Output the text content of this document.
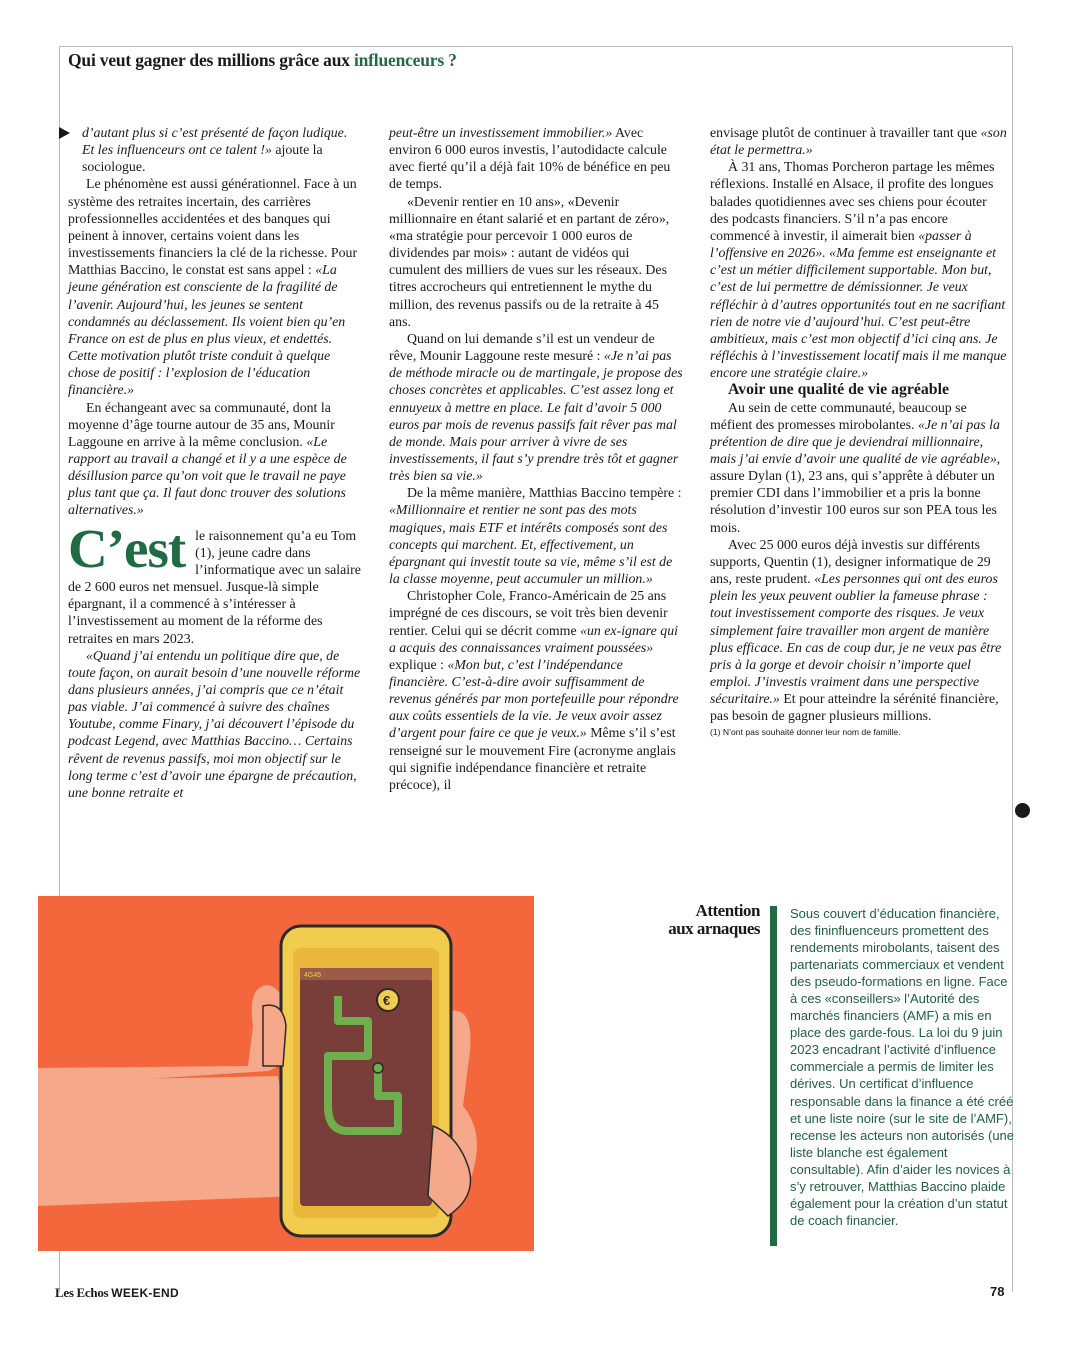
Qui veut gagner des millions grâce aux influenceurs ?

d’autant plus si c’est présenté de façon ludique. Et les influenceurs ont ce talent !» ajoute la sociologue.

Le phénomène est aussi générationnel. Face à un système des retraites incertain, des carrières professionnelles accidentées et des banques qui peinent à innover, certains voient dans les investissements financiers la clé de la richesse. Pour Matthias Baccino, le constat est sans appel : «La jeune génération est consciente de la fragilité de l’avenir. Aujourd’hui, les jeunes se sentent condamnés au déclassement. Ils voient bien qu’en France on est de plus en plus vieux, et endettés. Cette motivation plutôt triste conduit à quelque chose de positif : l’explosion de l’éducation financière.»

En échangeant avec sa communauté, dont la moyenne d’âge tourne autour de 35 ans, Mounir Laggoune en arrive à la même conclusion. «Le rapport au travail a changé et il y a une espèce de désillusion parce qu’on voit que le travail ne paye plus tant que ça. Il faut donc trouver des solutions alternatives.»

C’est le raisonnement qu’a eu Tom (1), jeune cadre dans l’informatique avec un salaire de 2 600 euros net mensuel. Jusque-là simple épargnant, il a commencé à s’intéresser à l’investissement au moment de la réforme des retraites en mars 2023.

«Quand j’ai entendu un politique dire que, de toute façon, on aurait besoin d’une nouvelle réforme dans plusieurs années, j’ai compris que ce n’était pas viable. J’ai commencé à suivre des chaînes Youtube, comme Finary, j’ai découvert l’épisode du podcast Legend, avec Matthias Baccino… Certains rêvent de revenus passifs, moi mon objectif sur le long terme c’est d’avoir une épargne de précaution, une bonne retraite et

peut-être un investissement immobilier.» Avec environ 6 000 euros investis, l’autodidacte calcule avec fierté qu’il a déjà fait 10% de bénéfice en peu de temps.

«Devenir rentier en 10 ans», «Devenir millionnaire en étant salarié et en partant de zéro», «ma stratégie pour percevoir 1 000 euros de dividendes par mois» : autant de vidéos qui cumulent des milliers de vues sur les réseaux. Des titres accrocheurs qui entretiennent le mythe du million, des revenus passifs ou de la retraite à 45 ans.

Quand on lui demande s’il est un vendeur de rêve, Mounir Laggoune reste mesuré : «Je n’ai pas de méthode miracle ou de martingale, je propose des choses concrètes et applicables. C’est assez long et ennuyeux à mettre en place. Le fait d’avoir 5 000 euros par mois de revenus passifs fait rêver pas mal de monde. Mais pour arriver à vivre de ses investissements, il faut s’y prendre très tôt et gagner très bien sa vie.»

De la même manière, Matthias Baccino tempère : «Millionnaire et rentier ne sont pas des mots magiques, mais ETF et intérêts composés sont des concepts qui marchent. Et, effectivement, un épargnant qui investit toute sa vie, même s’il est de la classe moyenne, peut accumuler un million.»

Christopher Cole, Franco-Américain de 25 ans imprégné de ces discours, se voit très bien devenir rentier. Celui qui se décrit comme «un ex-ignare qui a acquis des connaissances vraiment poussées» explique : «Mon but, c’est l’indépendance financière. C’est-à-dire avoir suffisamment de revenus générés par mon portefeuille pour répondre aux coûts essentiels de la vie. Je veux avoir assez d’argent pour faire ce que je veux.» Même s’il s’est renseigné sur le mouvement Fire (acronyme anglais qui signifie indépendance financière et retraite précoce), il

envisage plutôt de continuer à travailler tant que «son état le permettra.»

À 31 ans, Thomas Porcheron partage les mêmes réflexions. Installé en Alsace, il profite des longues balades quotidiennes avec ses chiens pour écouter des podcasts financiers. S’il n’a pas encore commencé à investir, il aimerait bien «passer à l’offensive en 2026». «Ma femme est enseignante et c’est un métier difficilement supportable. Mon but, c’est de lui permettre de démissionner. Je veux réfléchir à d’autres opportunités tout en ne sacrifiant rien de notre vie d’aujourd’hui. C’est peut-être ambitieux, mais c’est mon objectif d’ici cinq ans. Je réfléchis à l’investissement locatif mais il me manque encore une stratégie claire.»

Avoir une qualité de vie agréable

Au sein de cette communauté, beaucoup se méfient des promesses mirobolantes. «Je n’ai pas la prétention de dire que je deviendrai millionnaire, mais j’ai envie d’avoir une qualité de vie agréable», assure Dylan (1), 23 ans, qui s’apprête à débuter un premier CDI dans l’immobilier et a pris la bonne résolution d’investir 100 euros sur son PEA tous les mois.

Avec 25 000 euros déjà investis sur différents supports, Quentin (1), designer informatique de 29 ans, reste prudent. «Les personnes qui ont des euros plein les yeux peuvent oublier la fameuse phrase : tout investissement comporte des risques. Je veux simplement faire travailler mon argent de manière plus efficace. En cas de coup dur, je ne veux pas être pris à la gorge et devoir choisir n’importe quel emploi. J’investis vraiment dans une perspective sécuritaire.» Et pour atteindre la sérénité financière, pas besoin de gagner plusieurs millions.

(1) N’ont pas souhaité donner leur nom de famille.

4G45
€
Attention
aux arnaques
Sous couvert d’éducation financière, des fininfluenceurs promettent des rendements mirobolants, taisent des partenariats commerciaux et vendent des pseudo-formations en ligne. Face à ces «conseillers» l’Autorité des marchés financiers (AMF) a mis en place des garde-fous. La loi du 9 juin 2023 encadrant l’activité d’influence commerciale a permis de limiter les dérives. Un certificat d’influence responsable dans la finance a été créé et une liste noire (sur le site de l’AMF), recense les acteurs non autorisés (une liste blanche est également consultable). Afin d’aider les novices à s’y retrouver, Matthias Baccino plaide également pour la création d’un statut de coach financier.
Les Echos WEEK-END	78
